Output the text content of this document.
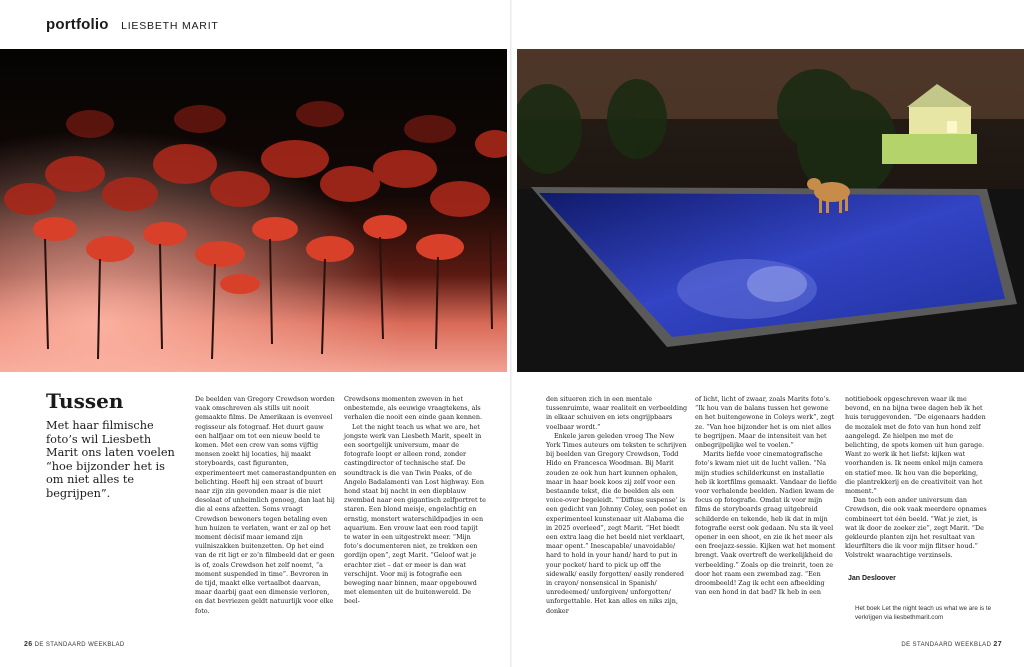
portfolio LIESBETH MARIT
Tussen
Met haar filmische foto’s wil Liesbeth Marit ons laten voelen “hoe bijzonder het is om niet alles te begrijpen”.

De beelden van Gregory Crewdson worden vaak omschreven als stills uit nooit gemaakte films. De Amerikaan is evenveel regisseur als fotograaf. Het duurt gauw een halfjaar om tot een nieuw beeld te komen. Met een crew van soms vijftig mensen zoekt hij locaties, hij maakt storyboards, cast figuranten, experimenteert met camerastandpunten en belichting. Heeft hij een straat of buurt naar zijn zin gevonden maar is die niet desolaat of unheimlich genoeg, dan laat hij die al eens afzetten. Soms vraagt Crewdson bewoners tegen betaling even hun huizen te verlaten, want er zal op het moment décisif maar iemand zijn vuilniszakken buitenzetten. Op het eind van de rit ligt er zo’n filmbeeld dat er geen is of, zoals Crewdson het zelf noemt, “a moment suspended in time”. Bevroren in de tijd, maakt elke vertaalbot daarvan, maar daarbij gaat een dimensie verloren, en dat bevriezen geldt natuurlijk voor elke foto.

Crewdsons momenten zweven in het onbestemde, als eeuwige vraagtekens, als verhalen die nooit een einde gaan kennen.

Let the night teach us what we are, het jongste werk van Liesbeth Marit, speelt in een soortgelijk universum, maar de fotografe loopt er alleen rond, zonder castingdirector of technische staf. De soundtrack is die van Twin Peaks, of de Angelo Badalamenti van Lost highway. Een hond staat bij nacht in een diepblauw zwembad naar een gigantisch zelfportret te staren. Een blond meisje, engelachtig en ernstig, monstert waterschildpadjes in een aquarium. Een vrouw laat een rood tapijt te water in een uitgestrekt meer. “Mijn foto’s documenteren niet, ze trekken een gordijn open”, zegt Marit. “Geloof wat je erachter ziet – dat er meer is dan wat verschijnt. Voor mij is fotografie een beweging naar binnen, maar opgebouwd met elementen uit de buitenwereld. De beel-

den situeren zich in een mentale tussenruimte, waar realiteit en verbeelding in elkaar schuiven en iets ongrijpbaars voelbaar wordt.”

Enkele jaren geleden vroeg The New York Times auteurs om teksten te schrijven bij beelden van Gregory Crewdson, Todd Hido en Francesca Woodman. Bij Marit zouden ze ook hun hart kunnen ophalen, maar in haar boek koos zij zelf voor een bestaande tekst, die de beelden als een voice-over begeleidt. “‘Diffuse suspense’ is een gedicht van Johnny Coley, een poëet en experimenteel kunstenaar uit Alabama die in 2025 overleed”, zegt Marit. “Het biedt een extra laag die het beeld niet verklaart, maar opent.” Inescapable/ unavoidable/ hard to hold in your hand/ hard to put in your pocket/ hard to pick up off the sidewalk/ easily forgotten/ easily rendered in crayon/ nonsensical in Spanish/ unredeemed/ unforgiven/ unforgotten/ unforgettable. Het kan alles en niks zijn, donker

of licht, licht of zwaar, zoals Marits foto’s. “Ik hou van de balans tussen het gewone en het buitengewone in Coleys werk”, zegt ze. “Van hoe bijzonder het is om niet alles te begrijpen. Maar de intensiteit van het onbegrijpelijke wel te voelen.”

Marits liefde voor cinematografische foto’s kwam niet uit de lucht vallen. “Na mijn studies schilderkunst en installatie heb ik kortfilms gemaakt. Vandaar de liefde voor verhalende beelden. Nadien kwam de focus op fotografie. Omdat ik voor mijn films de storyboards graag uitgebreid schilderde en tekende, heb ik dat in mijn fotografie eerst ook gedaan. Nu sta ik veel opener in een shoot, en zie ik het meer als een freejazz-sessie. Kijken wat het moment brengt. Vaak overtreft de werkelijkheid de verbeelding.” Zoals op die treinrit, toen ze door het raam een zwembad zag. “Een droombeeld! Zag ik echt een afbeelding van een hond in dat bad? Ik heb in een

notitieboek opgeschreven waar ik me bevond, en na bijna twee dagen heb ik het huis teruggevonden. “De eigenaars hadden de mozaïek met de foto van hun hond zelf aangelegd. Ze hielpen me met de belichting, de spots komen uit hun garage. Want zo werk ik het liefst: kijken wat voorhanden is. Ik neem enkel mijn camera en statief mee. Ik hou van die beperking, die plantrekkerij en de creativiteit van het moment.”

Dan toch een ander universum dan Crewdson, die ook vaak meerdere opnames combineert tot één beeld. “Wat je ziet, is wat ik door de zoeker zie”, zegt Marit. “De gekleurde planten zijn het resultaat van kleurfilters die ik voor mijn flitser houd.” Volstrekt waarachtige verzinsels.

Jan Desloover
Het boek Let the night teach us what we are is te verkrijgen via liesbethmarit.com
26 DE STANDAARD WEEKBLAD	DE STANDAARD WEEKBLAD 27
